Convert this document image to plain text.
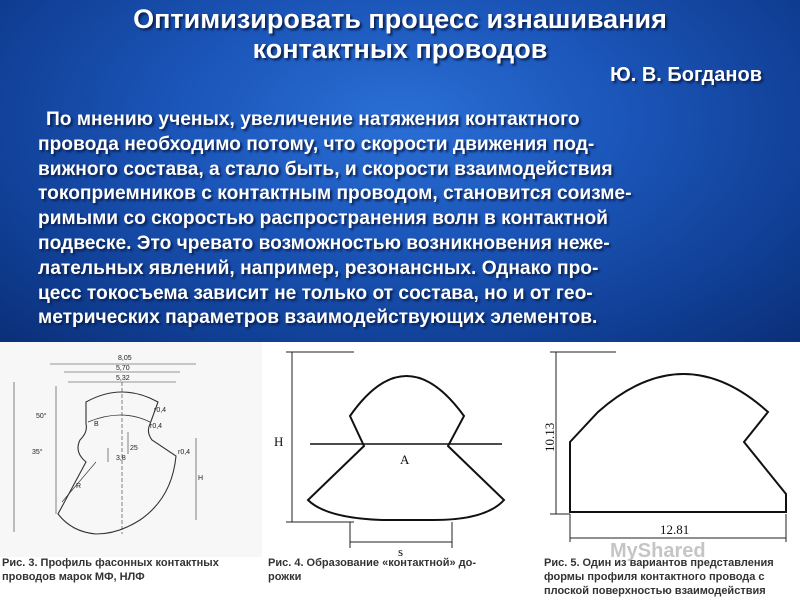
Оптимизировать процесс изнашивания
контактных проводов
Ю. В. Богданов
По мнению ученых, увеличение натяжения контактного
провода необходимо потому, что скорости движения под-
вижного состава, а стало быть, и скорости взаимодействия
токоприемников с контактным проводом, становится соизме-
римыми со скоростью распространения волн в контактной
подвеске. Это чревато возможностью возникновения неже-
лательных явлений, например, резонансных. Однако про-
цесс токосъема зависит не только от состава, но и от гео-
метрических параметров взаимодействующих элементов.
8,05
5,70
5,32
50°
35°
r0,4
r0,4
r0,4
B
H
R
3,8
25
Рис. 3. Профиль фасонных контактных
проводов марок МФ, НЛФ
H
A
s
Рис. 4. Образование «контактной» до-
рожки
10.13
12.81
Рис. 5. Один из вариантов представления
формы профиля контактного провода с
плоской поверхностью взаимодействия
MyShared
